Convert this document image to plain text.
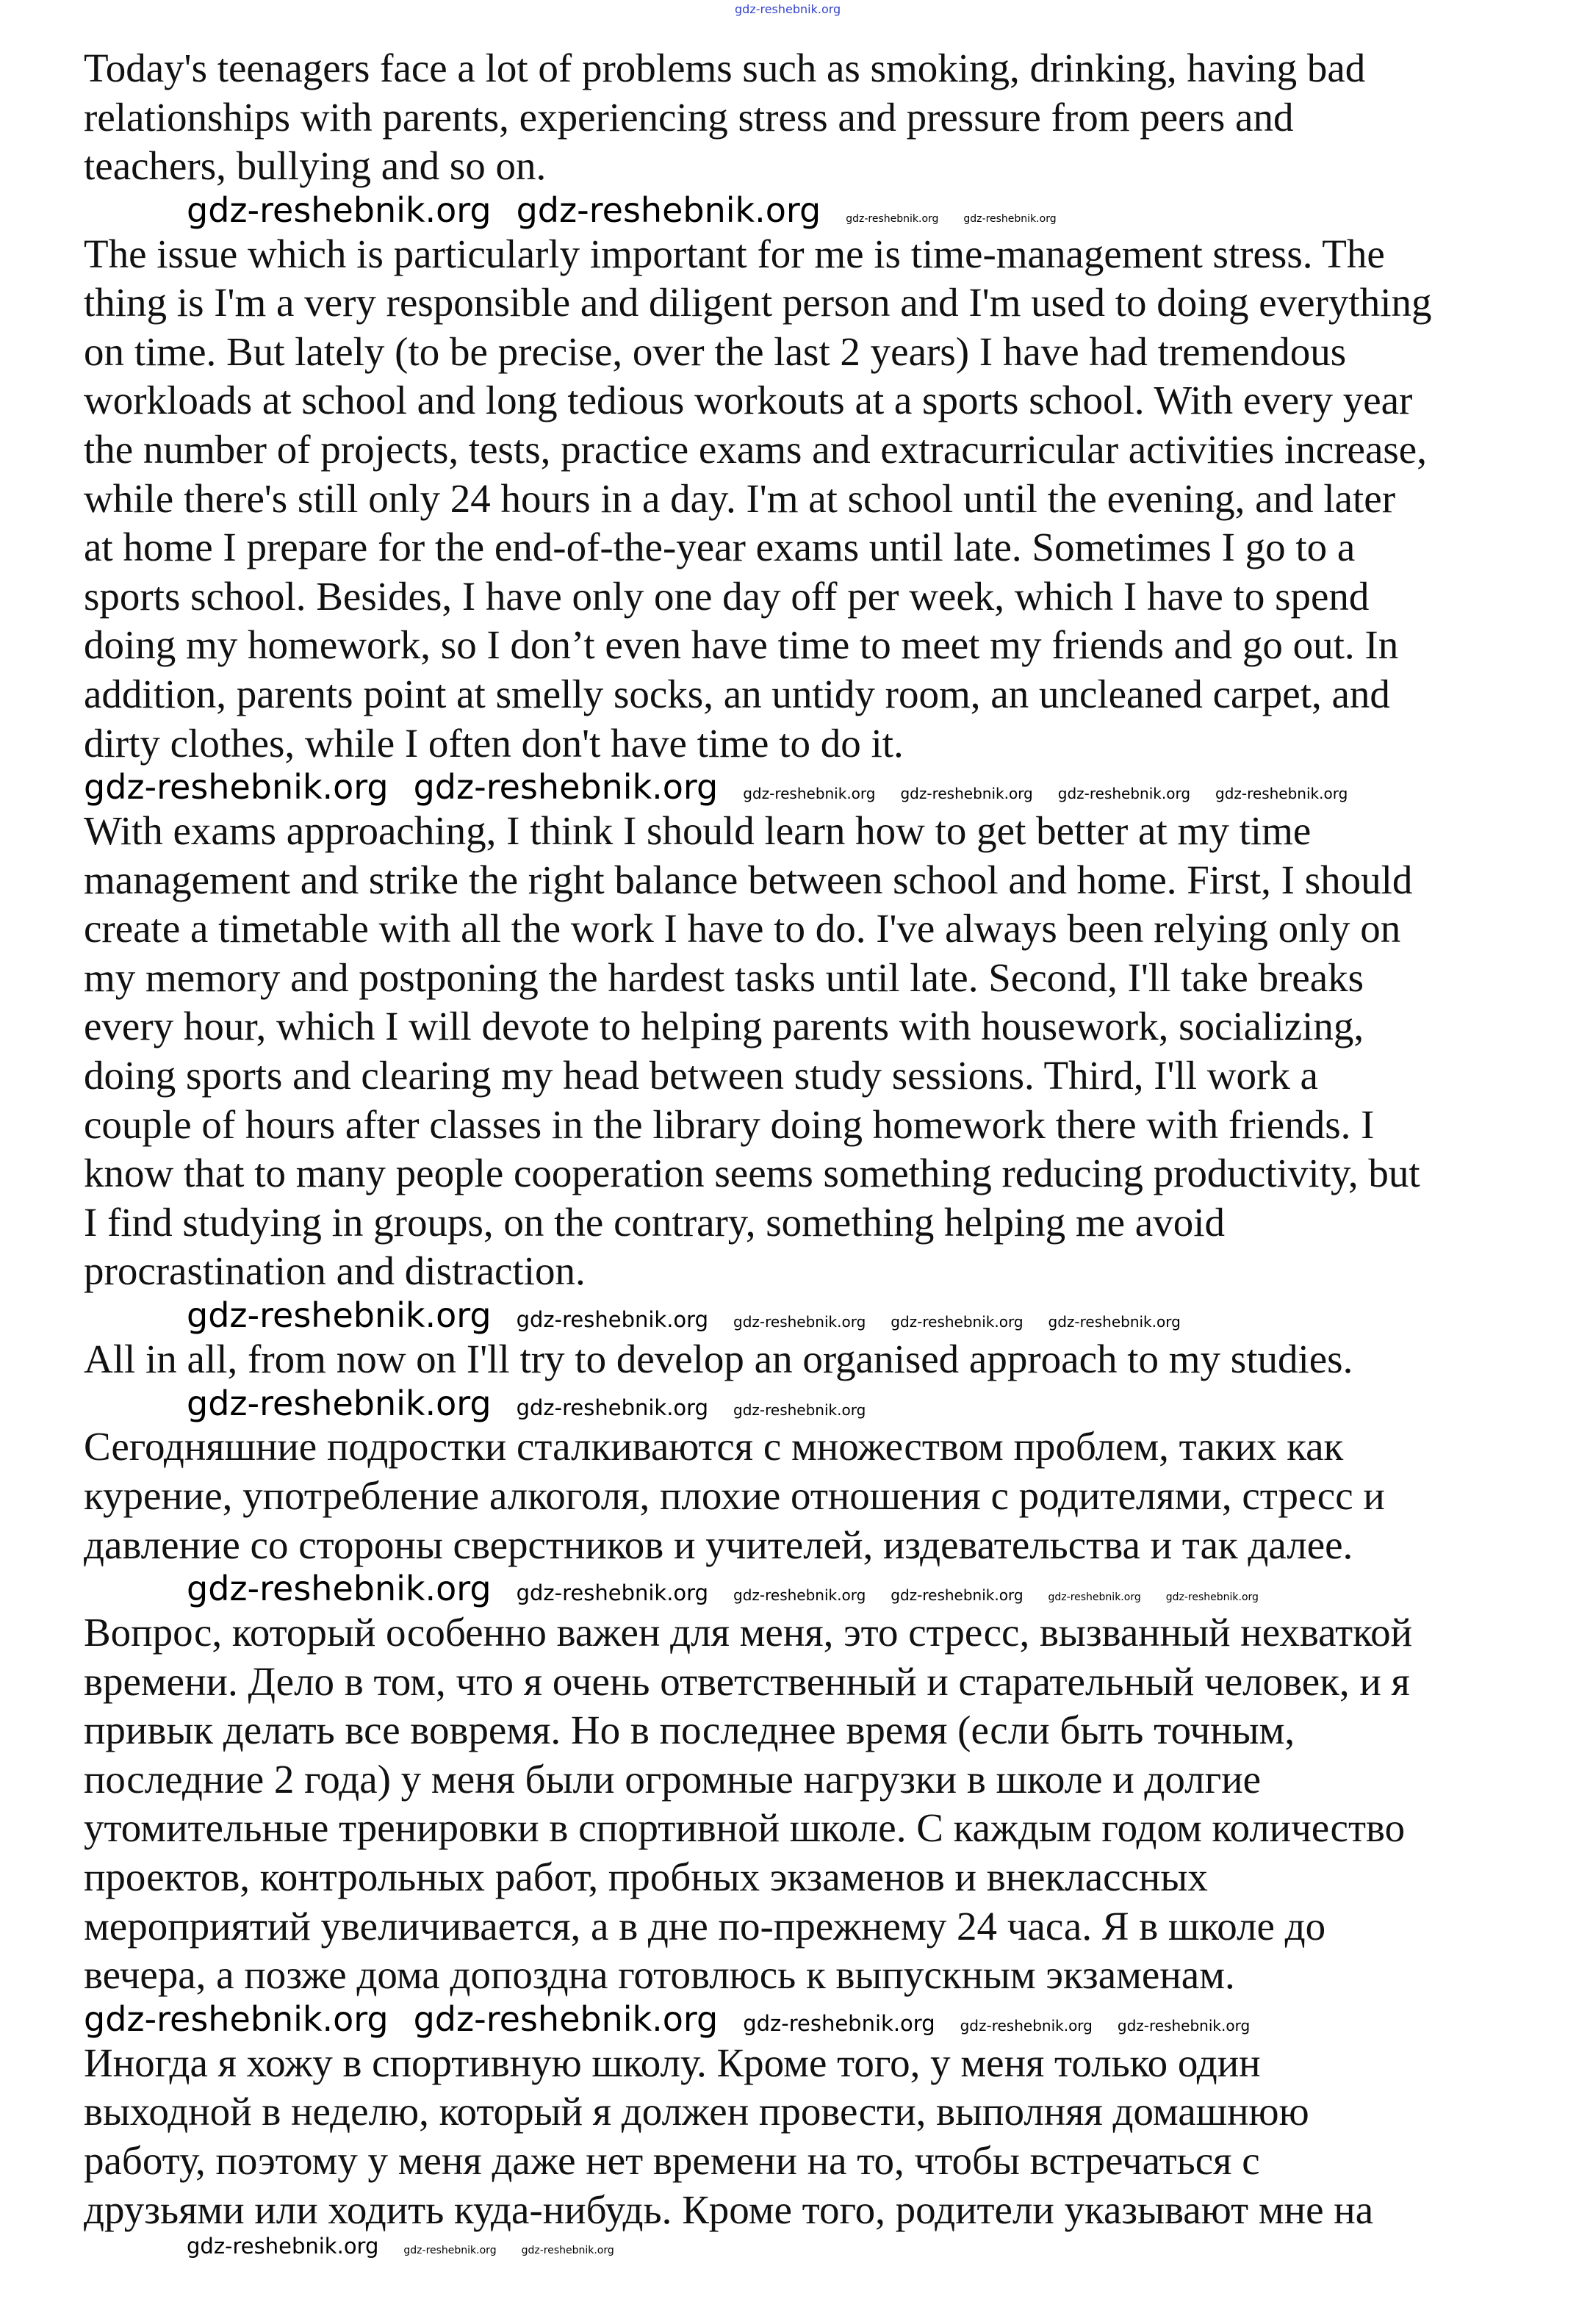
gdz-reshebnik.org
Today's teenagers face a lot of problems such as smoking, drinking, having bad
relationships with parents, experiencing stress and pressure from peers and
teachers, bullying and so on.
gdz-reshebnik.org gdz-reshebnik.org gdz-reshebnik.org gdz-reshebnik.org
The issue which is particularly important for me is time-management stress. The
thing is I'm a very responsible and diligent person and I'm used to doing everything
on time. But lately (to be precise, over the last 2 years) I have had tremendous
workloads at school and long tedious workouts at a sports school. With every year
the number of projects, tests, practice exams and extracurricular activities increase,
while there's still only 24 hours in a day. I'm at school until the evening, and later
at home I prepare for the end-of-the-year exams until late. Sometimes I go to a
sports school. Besides, I have only one day off per week, which I have to spend
doing my homework, so I don’t even have time to meet my friends and go out. In
addition, parents point at smelly socks, an untidy room, an uncleaned carpet, and
dirty clothes, while I often don't have time to do it.
gdz-reshebnik.org gdz-reshebnik.org gdz-reshebnik.org gdz-reshebnik.org gdz-reshebnik.org gdz-reshebnik.org
With exams approaching, I think I should learn how to get better at my time
management and strike the right balance between school and home. First, I should
create a timetable with all the work I have to do. I've always been relying only on
my memory and postponing the hardest tasks until late. Second, I'll take breaks
every hour, which I will devote to helping parents with housework, socializing,
doing sports and clearing my head between study sessions. Third, I'll work a
couple of hours after classes in the library doing homework there with friends. I
know that to many people cooperation seems something reducing productivity, but
I find studying in groups, on the contrary, something helping me avoid
procrastination and distraction.
gdz-reshebnik.org gdz-reshebnik.org gdz-reshebnik.org gdz-reshebnik.org gdz-reshebnik.org
All in all, from now on I'll try to develop an organised approach to my studies.
gdz-reshebnik.org gdz-reshebnik.org gdz-reshebnik.org
Сегодняшние подростки сталкиваются с множеством проблем, таких как
курение, употребление алкоголя, плохие отношения с родителями, стресс и
давление со стороны сверстников и учителей, издевательства и так далее.
gdz-reshebnik.org gdz-reshebnik.org gdz-reshebnik.org gdz-reshebnik.org gdz-reshebnik.org gdz-reshebnik.org
Вопрос, который особенно важен для меня, это стресс, вызванный нехваткой
времени. Дело в том, что я очень ответственный и старательный человек, и я
привык делать все вовремя. Но в последнее время (если быть точным,
последние 2 года) у меня были огромные нагрузки в школе и долгие
утомительные тренировки в спортивной школе. С каждым годом количество
проектов, контрольных работ, пробных экзаменов и внеклассных
мероприятий увеличивается, а в дне по-прежнему 24 часа. Я в школе до
вечера, а позже дома допоздна готовлюсь к выпускным экзаменам.
gdz-reshebnik.org gdz-reshebnik.org gdz-reshebnik.org gdz-reshebnik.org gdz-reshebnik.org
Иногда я хожу в спортивную школу. Кроме того, у меня только один
выходной в неделю, который я должен провести, выполняя домашнюю
работу, поэтому у меня даже нет времени на то, чтобы встречаться с
друзьями или ходить куда-нибудь. Кроме того, родители указывают мне на
gdz-reshebnik.org gdz-reshebnik.org gdz-reshebnik.org
